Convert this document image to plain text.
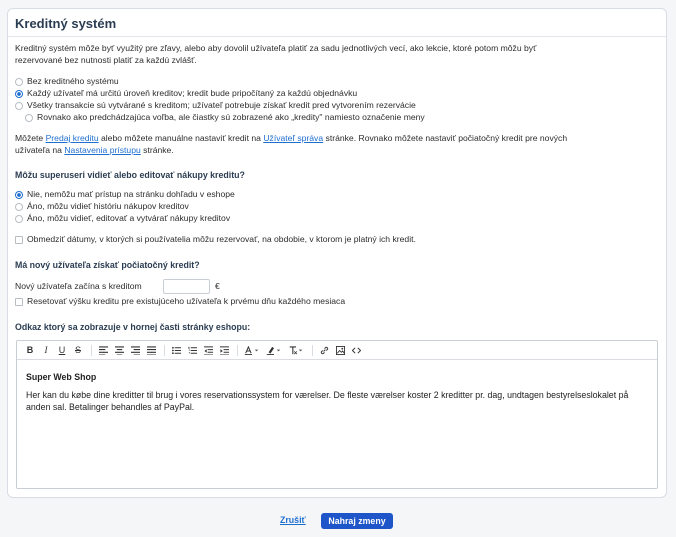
Kreditný systém
Kreditný systém môže byť využitý pre zľavy, alebo aby dovolil užívateľa platiť za sadu jednotlivých vecí, ako lekcie, ktoré potom môžu byť
rezervované bez nutnosti platiť za každú zvlášť.
Bez kreditného systému
Každý užívateľ má určitú úroveň kreditov; kredit bude pripočítaný za každú objednávku
Všetky transakcie sú vytvárané s kreditom; užívateľ potrebuje získať kredit pred vytvorením rezervácie
Rovnako ako predchádzajúca voľba, ale čiastky sú zobrazené ako „kredity" namiesto označenie meny
Môžete Predaj kreditu alebo môžete manuálne nastaviť kredit na Užívateľ správa stránke. Rovnako môžete nastaviť počiatočný kredit pre nových
užívateľa na Nastavenia prístupu stránke.
Môžu superuseri vidieť alebo editovať nákupy kreditu?
Nie, nemôžu mať prístup na stránku dohľadu v eshope
Áno, môžu vidieť históriu nákupov kreditov
Áno, môžu vidieť, editovať a vytvárať nákupy kreditov
Obmedziť dátumy, v ktorých si používatelia môžu rezervovať, na obdobie, v ktorom je platný ich kredit.
Má nový užívateľa získať počiatočný kredit?
Nový užívateľa začína s kreditom	€
Resetovať výšku kreditu pre existujúceho užívateľa k prvému dňu každého mesiaca
Odkaz ktorý sa zobrazuje v hornej časti stránky eshopu:
B	I	U	S
Super Web Shop
Her kan du købe dine kreditter til brug i vores reservationssystem for værelser. De fleste værelser koster 2 kreditter pr. dag, undtagen bestyrelseslokalet på anden sal. Betalinger behandles af PayPal.
Zrušiť	Nahraj zmeny
